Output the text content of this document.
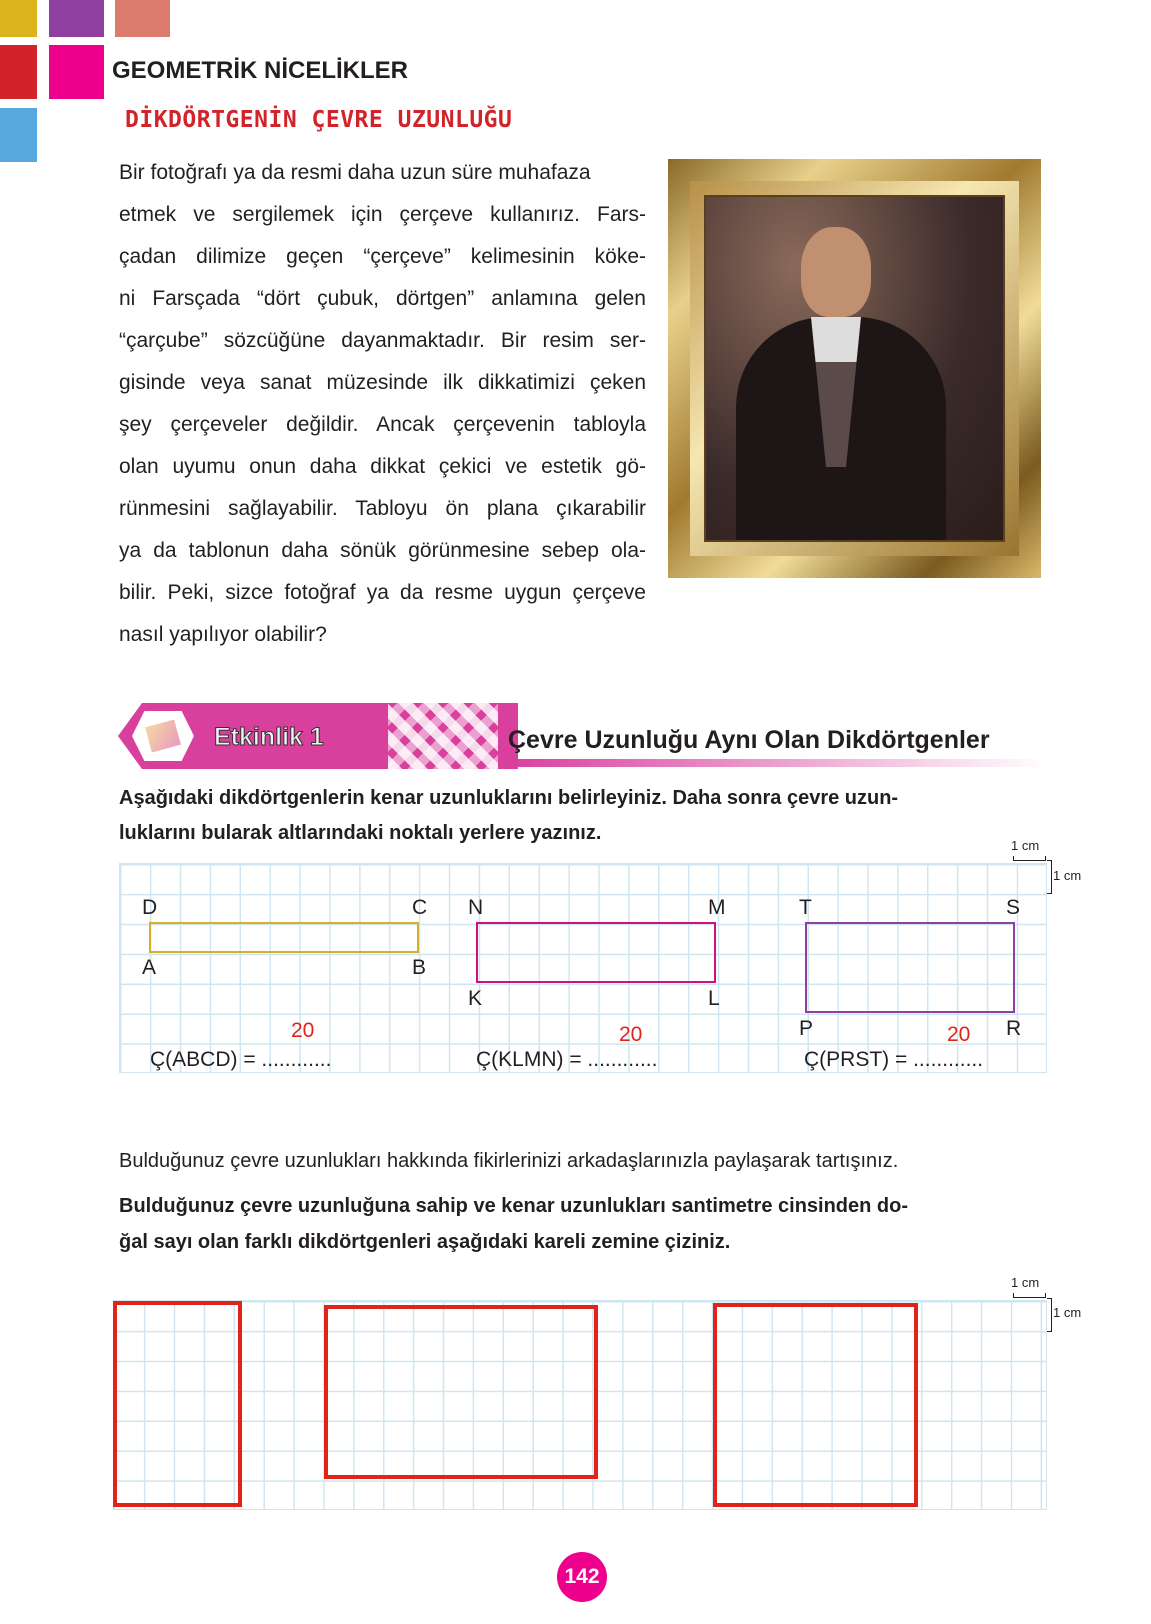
GEOMETRİK NİCELİKLER
DİKDÖRTGENİN ÇEVRE UZUNLUĞU
Bir fotoğrafı ya da resmi daha uzun süre muhafaza
etmek ve sergilemek için çerçeve kullanırız. Fars-
çadan dilimize geçen “çerçeve” kelimesinin köke-
ni Farsçada “dört çubuk, dörtgen” anlamına gelen
“çarçube” sözcüğüne dayanmaktadır. Bir resim ser-
gisinde veya sanat müzesinde ilk dikkatimizi çeken
şey çerçeveler değildir. Ancak çerçevenin tabloyla
olan uyumu onun daha dikkat çekici ve estetik gö-
rünmesini sağlayabilir. Tabloyu ön plana çıkarabilir
ya da tablonun daha sönük görünmesine sebep ola-
bilir. Peki, sizce fotoğraf ya da resme uygun çerçeve
nasıl yapılıyor olabilir?
Etkinlik 1	Çevre Uzunluğu Aynı Olan Dikdörtgenler
Aşağıdaki dikdörtgenlerin kenar uzunluklarını belirleyiniz. Daha sonra çevre uzun-
luklarını bularak altlarındaki noktalı yerlere yazınız.
1 cm
1 cm
D	C
A	B
N	M
K	L
T	S
P	R
Ç(ABCD) = ............	Ç(KLMN) = ............	Ç(PRST) = ............
20	20	20
Bulduğunuz çevre uzunlukları hakkında fikirlerinizi arkadaşlarınızla paylaşarak tartışınız.
Bulduğunuz çevre uzunluğuna sahip ve kenar uzunlukları santimetre cinsinden do-
ğal sayı olan farklı dikdörtgenleri aşağıdaki kareli zemine çiziniz.
1 cm
1 cm
142
